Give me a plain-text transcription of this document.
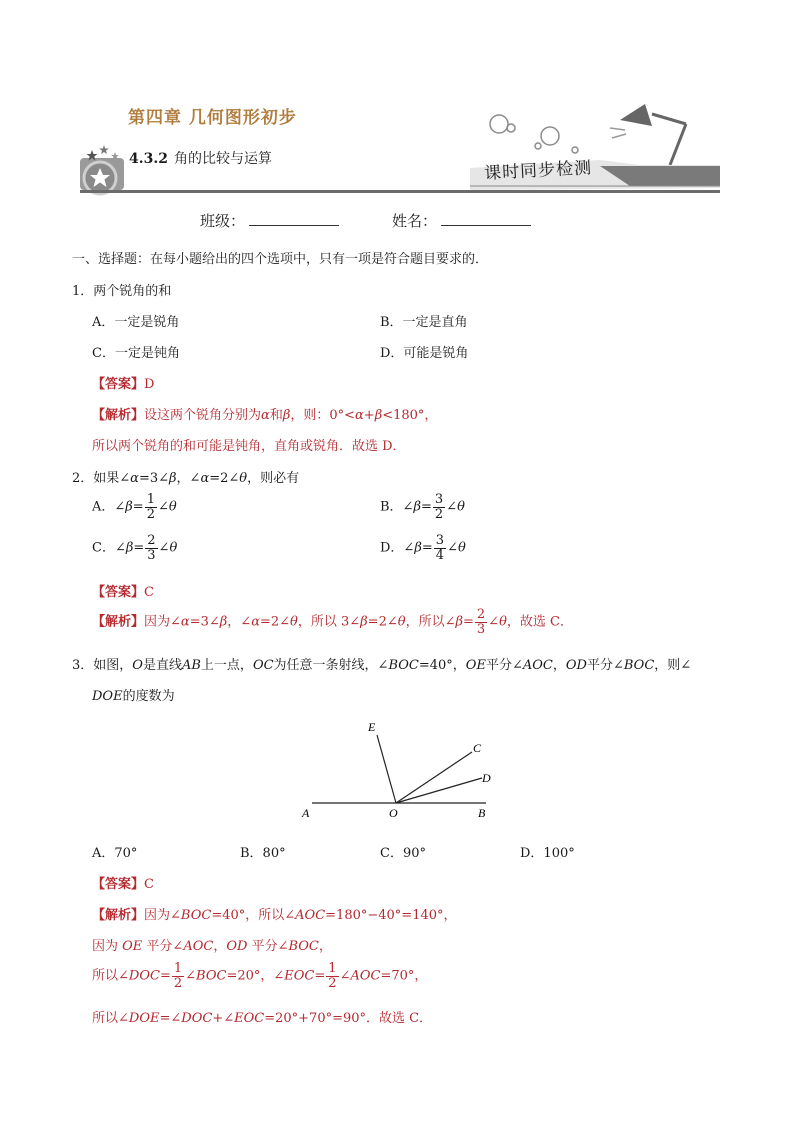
第四章 几何图形初步
4.3.2 角的比较与运算	课时同步检测
班级：	姓名：
一、选择题：在每小题给出的四个选项中，只有一项是符合题目要求的．
1．两个锐角的和
A．一定是锐角	B．一定是直角
C．一定是钝角	D．可能是锐角
【答案】D
【解析】设这两个锐角分别为α和β，则：0°<α+β<180°，
所以两个锐角的和可能是钝角，直角或锐角．故选 D．
2．如果∠α=3∠β，∠α=2∠θ，则必有
A．∠β= $\frac{1}{2}$ ∠θ	B．∠β= $\frac{3}{2}$ ∠θ
C．∠β= $\frac{2}{3}$ ∠θ	D．∠β= $\frac{3}{4}$ ∠θ
【答案】C
【解析】因为∠α=3∠β，∠α=2∠θ，所以 3∠β=2∠θ，所以∠β= $\frac{2}{3}$ ∠θ，故选 C．
3．如图，O是直线AB上一点，OC为任意一条射线，∠BOC=40°，OE平分∠AOC，OD平分∠BOC，则∠
DOE的度数为
E
C
D
A	O	B
A．70°	B．80°	C．90°	D．100°
【答案】C
【解析】因为∠BOC=40°，所以∠AOC=180°−40°=140°，
因为 OE 平分∠AOC，OD 平分∠BOC，
所以∠DOC= $\frac{1}{2}$ ∠BOC=20°，∠EOC= $\frac{1}{2}$ ∠AOC=70°，
所以∠DOE=∠DOC+∠EOC=20°+70°=90°．故选 C．
